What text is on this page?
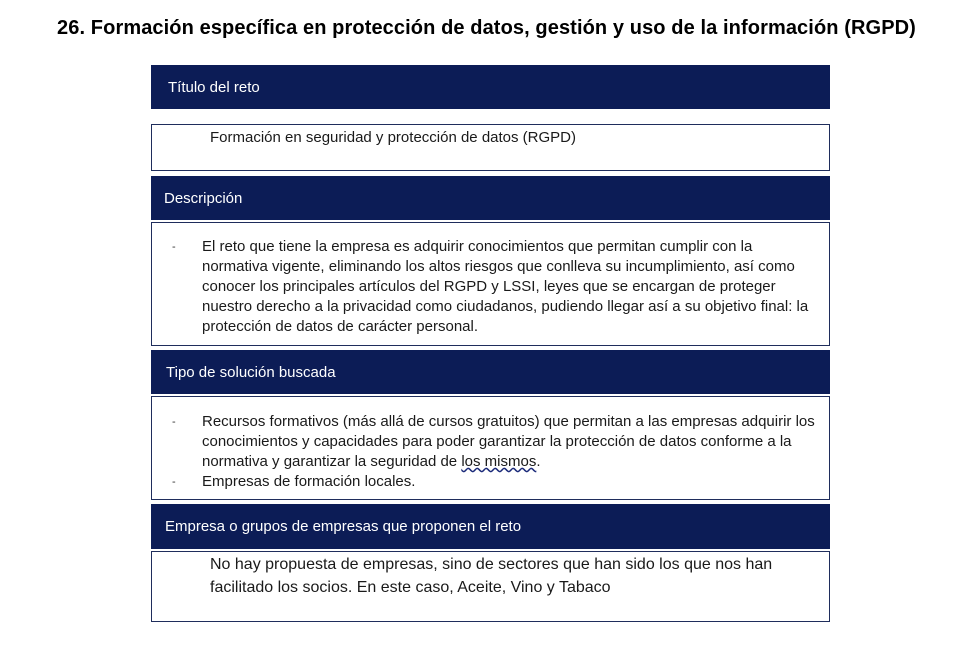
26. Formación específica en protección de datos, gestión y uso de la información (RGPD)
Título del reto
Formación en seguridad y protección de datos (RGPD)
Descripción
- El reto que tiene la empresa es adquirir conocimientos que permitan cumplir con la normativa vigente, eliminando los altos riesgos que conlleva su incumplimiento, así como conocer los principales artículos del RGPD y LSSI, leyes que se encargan de proteger nuestro derecho a la privacidad como ciudadanos, pudiendo llegar así a su objetivo final: la protección de datos de carácter personal.
Tipo de solución buscada
- Recursos formativos (más allá de cursos gratuitos) que permitan a las empresas adquirir los conocimientos y capacidades para poder garantizar la protección de datos conforme a la normativa y garantizar la seguridad de los mismos.
- Empresas de formación locales.
Empresa o grupos de empresas que proponen el reto
No hay propuesta de empresas, sino de sectores que han sido los que nos han facilitado los socios. En este caso, Aceite, Vino y Tabaco
